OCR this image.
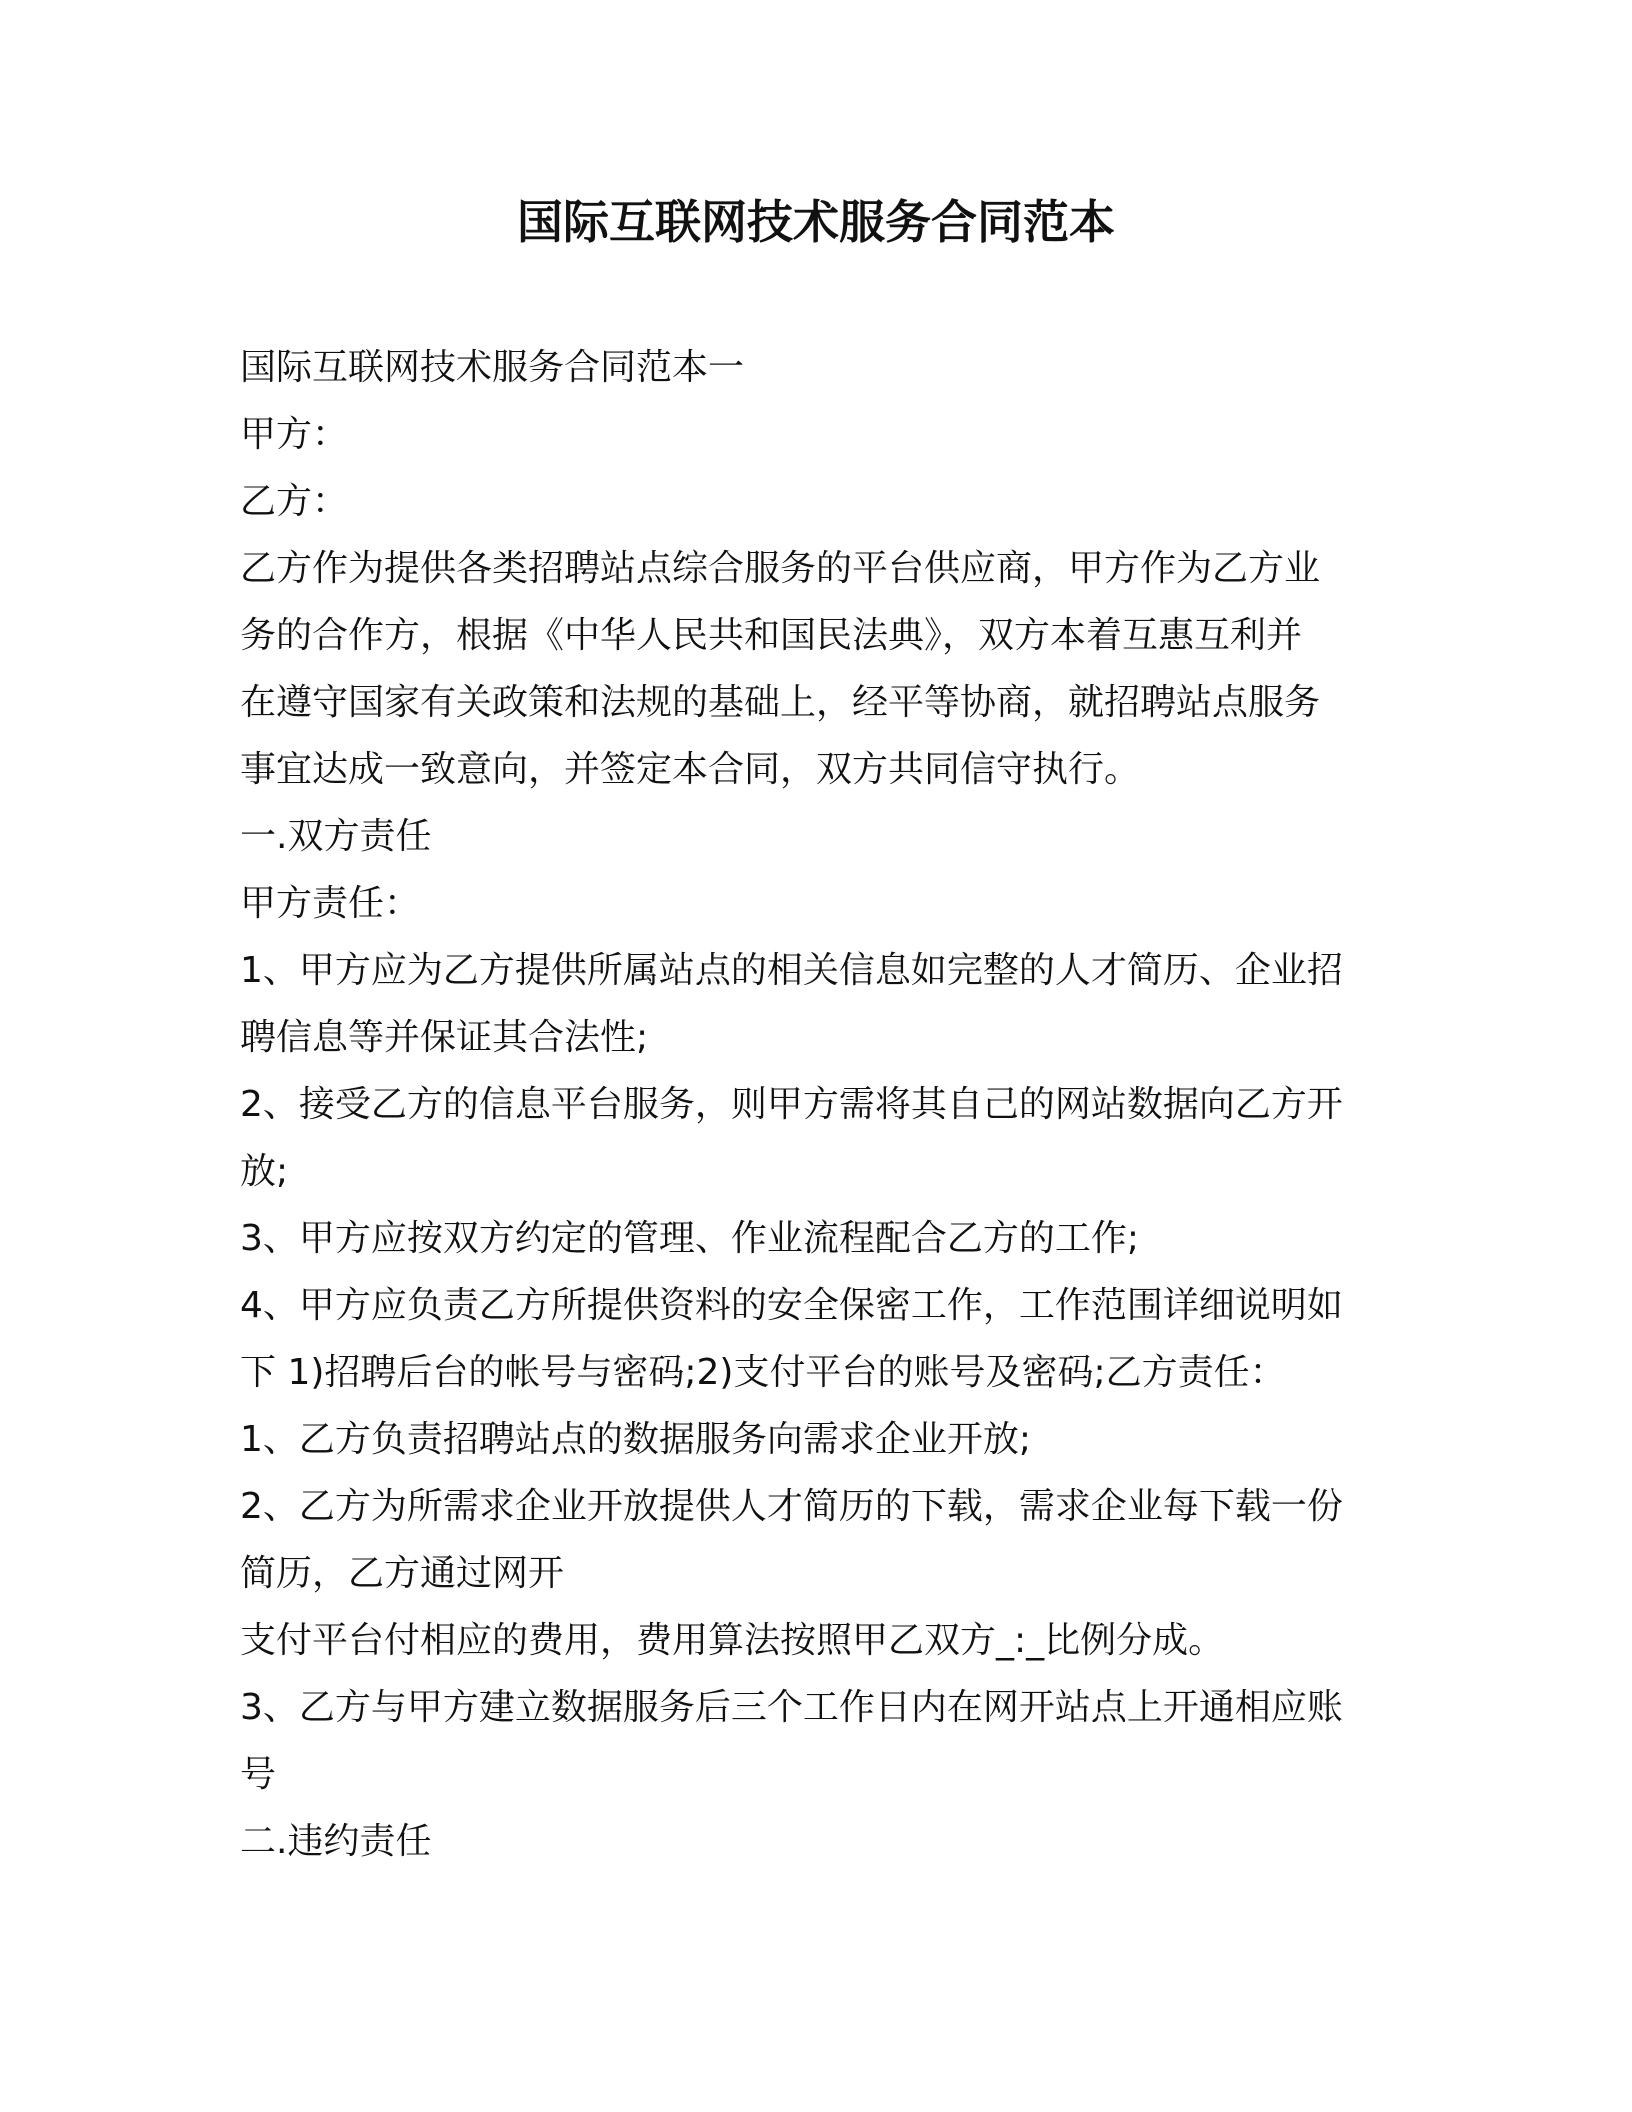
国际互联网技术服务合同范本

国际互联网技术服务合同范本一

甲方：

乙方：

乙方作为提供各类招聘站点综合服务的平台供应商，甲方作为乙方业

务的合作方，根据《中华人民共和国民法典》，双方本着互惠互利并

在遵守国家有关政策和法规的基础上，经平等协商，就招聘站点服务

事宜达成一致意向，并签定本合同，双方共同信守执行。

一.双方责任

甲方责任：

1、甲方应为乙方提供所属站点的相关信息如完整的人才简历、企业招

聘信息等并保证其合法性;

2、接受乙方的信息平台服务，则甲方需将其自己的网站数据向乙方开

放;

3、甲方应按双方约定的管理、作业流程配合乙方的工作;

4、甲方应负责乙方所提供资料的安全保密工作，工作范围详细说明如

下 1)招聘后台的帐号与密码;2)支付平台的账号及密码;乙方责任：

1、乙方负责招聘站点的数据服务向需求企业开放;

2、乙方为所需求企业开放提供人才简历的下载，需求企业每下载一份

简历，乙方通过网开

支付平台付相应的费用，费用算法按照甲乙双方_:_比例分成。

3、乙方与甲方建立数据服务后三个工作日内在网开站点上开通相应账

号

二.违约责任
